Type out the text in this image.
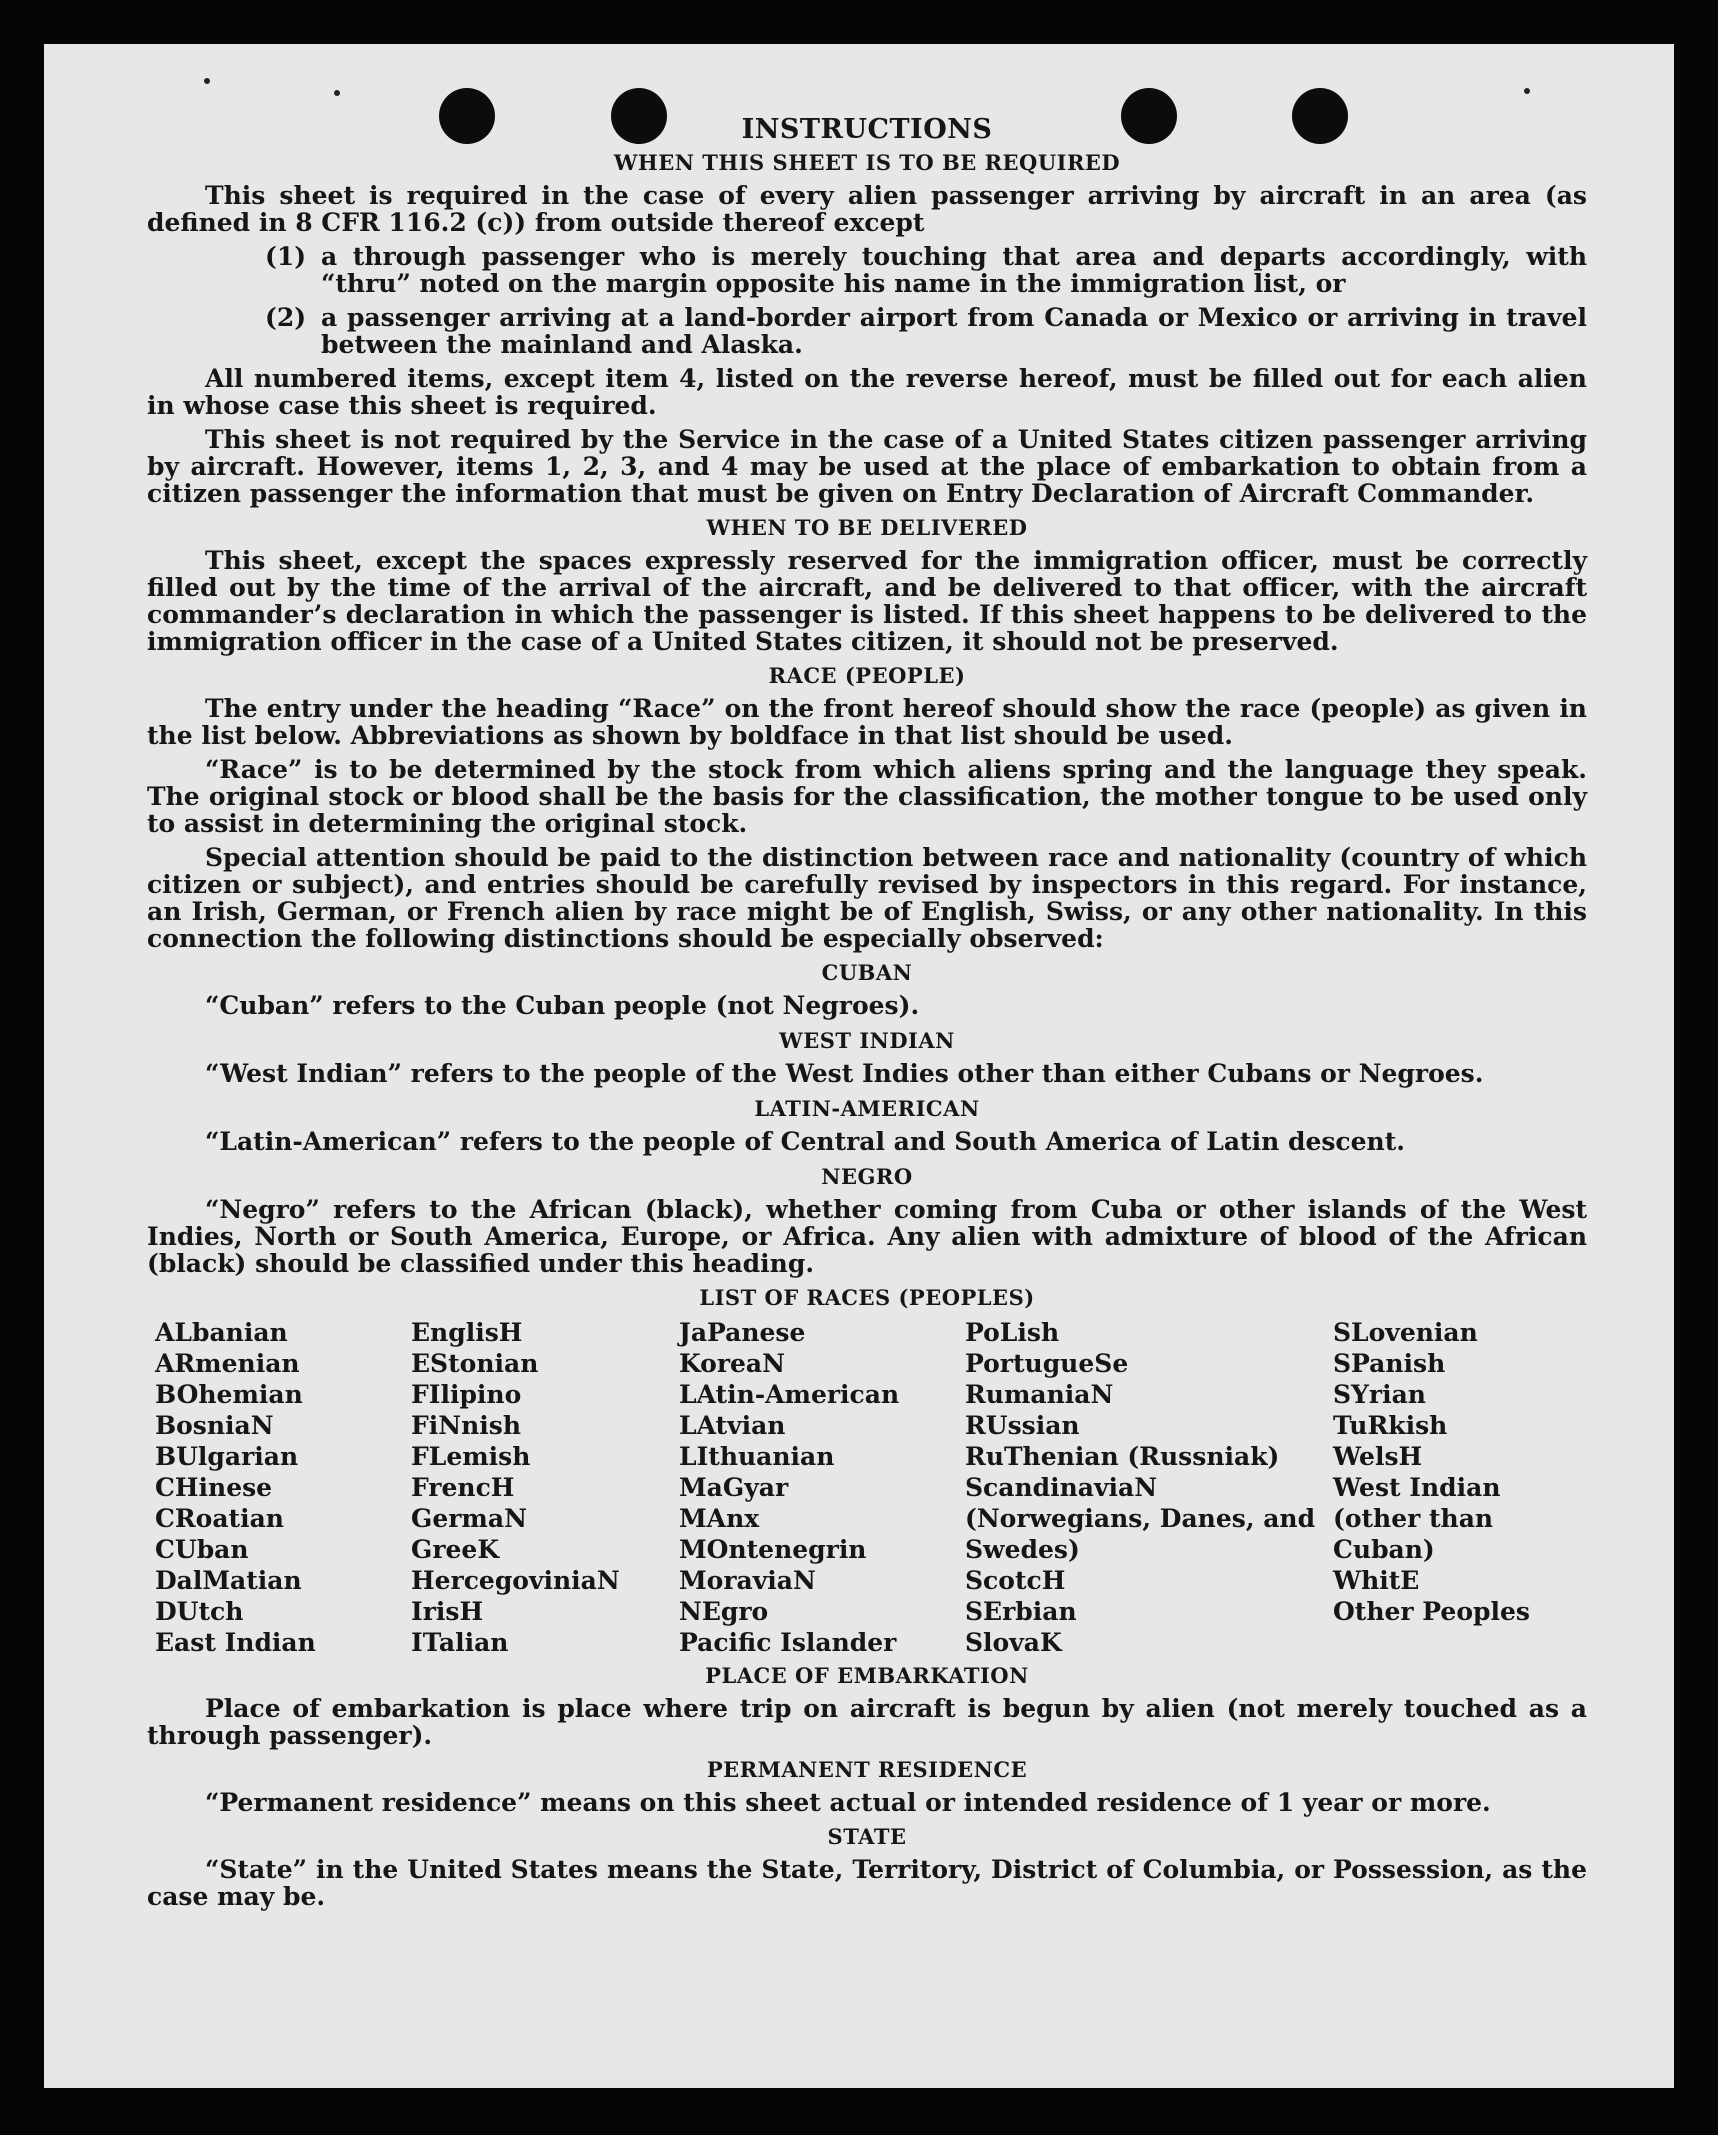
INSTRUCTIONS
WHEN THIS SHEET IS TO BE REQUIRED

This sheet is required in the case of every alien passenger arriving by aircraft in an area (as defined in 8 CFR 116.2 (c)) from outside thereof except

(1) a through passenger who is merely touching that area and departs accordingly, with “thru” noted on the margin opposite his name in the immigration list, or
(2) a passenger arriving at a land-border airport from Canada or Mexico or arriving in travel between the mainland and Alaska.

All numbered items, except item 4, listed on the reverse hereof, must be filled out for each alien in whose case this sheet is required.

This sheet is not required by the Service in the case of a United States citizen passenger arriving by aircraft. However, items 1, 2, 3, and 4 may be used at the place of embarkation to obtain from a citizen passenger the information that must be given on Entry Declaration of Aircraft Commander.

WHEN TO BE DELIVERED

This sheet, except the spaces expressly reserved for the immigration officer, must be correctly filled out by the time of the arrival of the aircraft, and be delivered to that officer, with the aircraft commander’s declaration in which the passenger is listed. If this sheet happens to be delivered to the immigration officer in the case of a United States citizen, it should not be preserved.

RACE (PEOPLE)

The entry under the heading “Race” on the front hereof should show the race (people) as given in the list below. Abbreviations as shown by boldface in that list should be used.

“Race” is to be determined by the stock from which aliens spring and the language they speak. The original stock or blood shall be the basis for the classification, the mother tongue to be used only to assist in determining the original stock.

Special attention should be paid to the distinction between race and nationality (country of which citizen or subject), and entries should be carefully revised by inspectors in this regard. For instance, an Irish, German, or French alien by race might be of English, Swiss, or any other nationality. In this connection the following distinctions should be especially observed:

CUBAN
“Cuban” refers to the Cuban people (not Negroes).
WEST INDIAN
“West Indian” refers to the people of the West Indies other than either Cubans or Negroes.
LATIN-AMERICAN
“Latin-American” refers to the people of Central and South America of Latin descent.
NEGRO

“Negro” refers to the African (black), whether coming from Cuba or other islands of the West Indies, North or South America, Europe, or Africa. Any alien with admixture of blood of the African (black) should be classified under this heading.

LIST OF RACES (PEOPLES)
ALbanian
ARmenian
BOhemian
BosniaN
BUlgarian
CHinese
CRoatian
CUban
DalMatian
DUtch
East Indian
EnglisH
EStonian
FIlipino
FiNnish
FLemish
FrencH
GermaN
GreeK
HercegoviniaN
IrisH
ITalian
JaPanese
KoreaN
LAtin-American
LAtvian
LIthuanian
MaGyar
MAnx
MOntenegrin
MoraviaN
NEgro
Pacific Islander
PoLish
PortugueSe
RumaniaN
RUssian
RuThenian (Russniak)
ScandinaviaN (Norwegians, Danes, and Swedes)
ScotcH
SErbian
SlovaK
SLovenian
SPanish
SYrian
TuRkish
WelsH
West Indian (other than Cuban)
WhitE
Other Peoples
PLACE OF EMBARKATION

Place of embarkation is place where trip on aircraft is begun by alien (not merely touched as a through passenger).

PERMANENT RESIDENCE

“Permanent residence” means on this sheet actual or intended residence of 1 year or more.

STATE

“State” in the United States means the State, Territory, District of Columbia, or Possession, as the case may be.
